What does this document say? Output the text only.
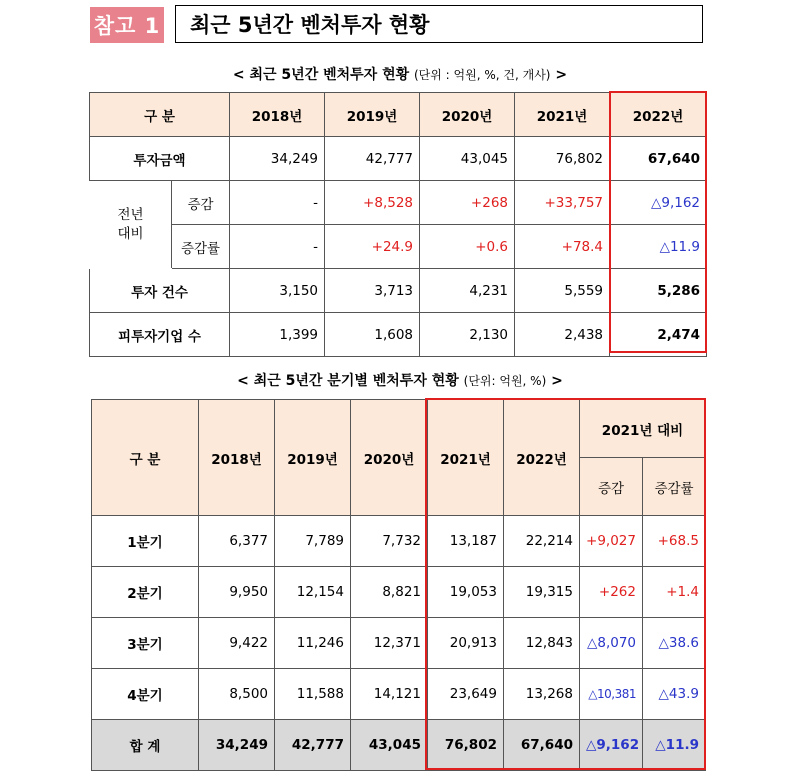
참고 1	최근 5년간 벤처투자 현황
< 최근 5년간 벤처투자 현황 (단위 : 억원, %, 건, 개사) >
구 분		2018년	2019년	2020년	2021년	2022년
투자금액		34,249	42,777	43,045	76,802	67,640
전년
대비	증감	-	+8,528	+268	+33,757	△9,162
	증감률	-	+24.9	+0.6	+78.4	△11.9
투자 건수		3,150	3,713	4,231	5,559	5,286
피투자기업 수		1,399	1,608	2,130	2,438	2,474
< 최근 5년간 분기별 벤처투자 현황 (단위: 억원, %) >
구 분	2018년	2019년	2020년	2021년	2022년	2021년 대비	
						증감	증감률
1분기	6,377	7,789	7,732	13,187	22,214	+9,027	+68.5
2분기	9,950	12,154	8,821	19,053	19,315	+262	+1.4
3분기	9,422	11,246	12,371	20,913	12,843	△8,070	△38.6
4분기	8,500	11,588	14,121	23,649	13,268	△10,381	△43.9
합 계	34,249	42,777	43,045	76,802	67,640	△9,162	△11.9
